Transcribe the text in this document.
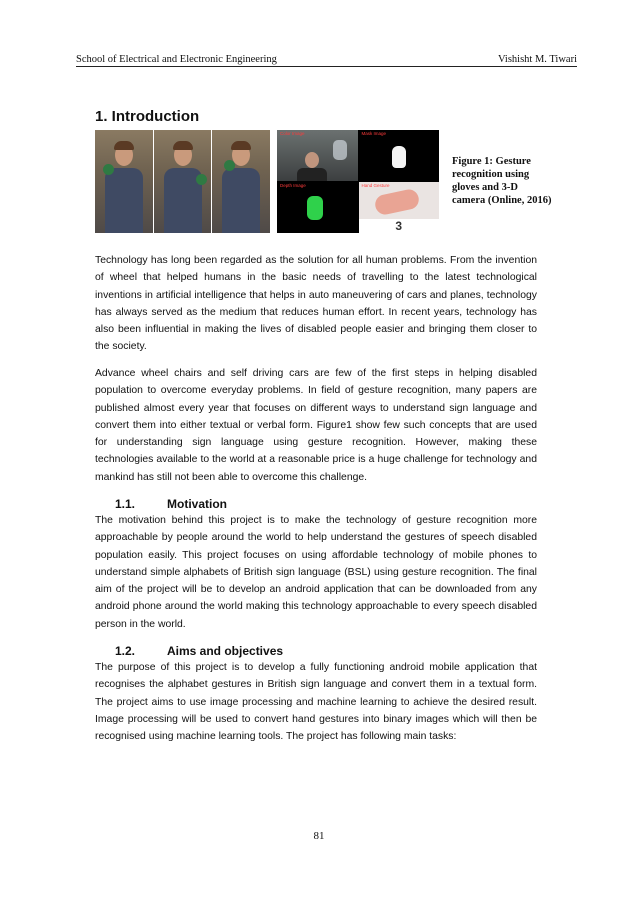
School of Electrical and Electronic Engineering	Vishisht M. Tiwari
1. Introduction
Color Image	Mask Image
Depth Image	Hand Gesture
3
Figure 1: Gesture recognition using gloves and 3-D camera (Online, 2016)

Technology has long been regarded as the solution for all human problems. From the invention of wheel that helped humans in the basic needs of travelling to the latest technological inventions in artificial intelligence that helps in auto maneuvering of cars and planes, technology has always served as the medium that reduces human effort. In recent years, technology has also been influential in making the lives of disabled people easier and bringing them closer to the society.

Advance wheel chairs and self driving cars are few of the first steps in helping disabled population to overcome everyday problems. In field of gesture recognition, many papers are published almost every year that focuses on different ways to understand sign language and convert them into either textual or verbal form. Figure1 show few such concepts that are used for understanding sign language using gesture recognition. However, making these technologies available to the world at a reasonable price is a huge challenge for technology and mankind has still not been able to overcome this challenge.

1.1.	Motivation

The motivation behind this project is to make the technology of gesture recognition more approachable by people around the world to help understand the gestures of speech disabled population easily. This project focuses on using affordable technology of mobile phones to understand simple alphabets of British sign language (BSL) using gesture recognition. The final aim of the project will be to develop an android application that can be downloaded from any android phone around the world making this technology approachable to every speech disabled person in the world.

1.2.	Aims and objectives

The purpose of this project is to develop a fully functioning android mobile application that recognises the alphabet gestures in British sign language and convert them in a textual form. The project aims to use image processing and machine learning to achieve the desired result. Image processing will be used to convert hand gestures into binary images which will then be recognised using machine learning tools. The project has following main tasks:

81
